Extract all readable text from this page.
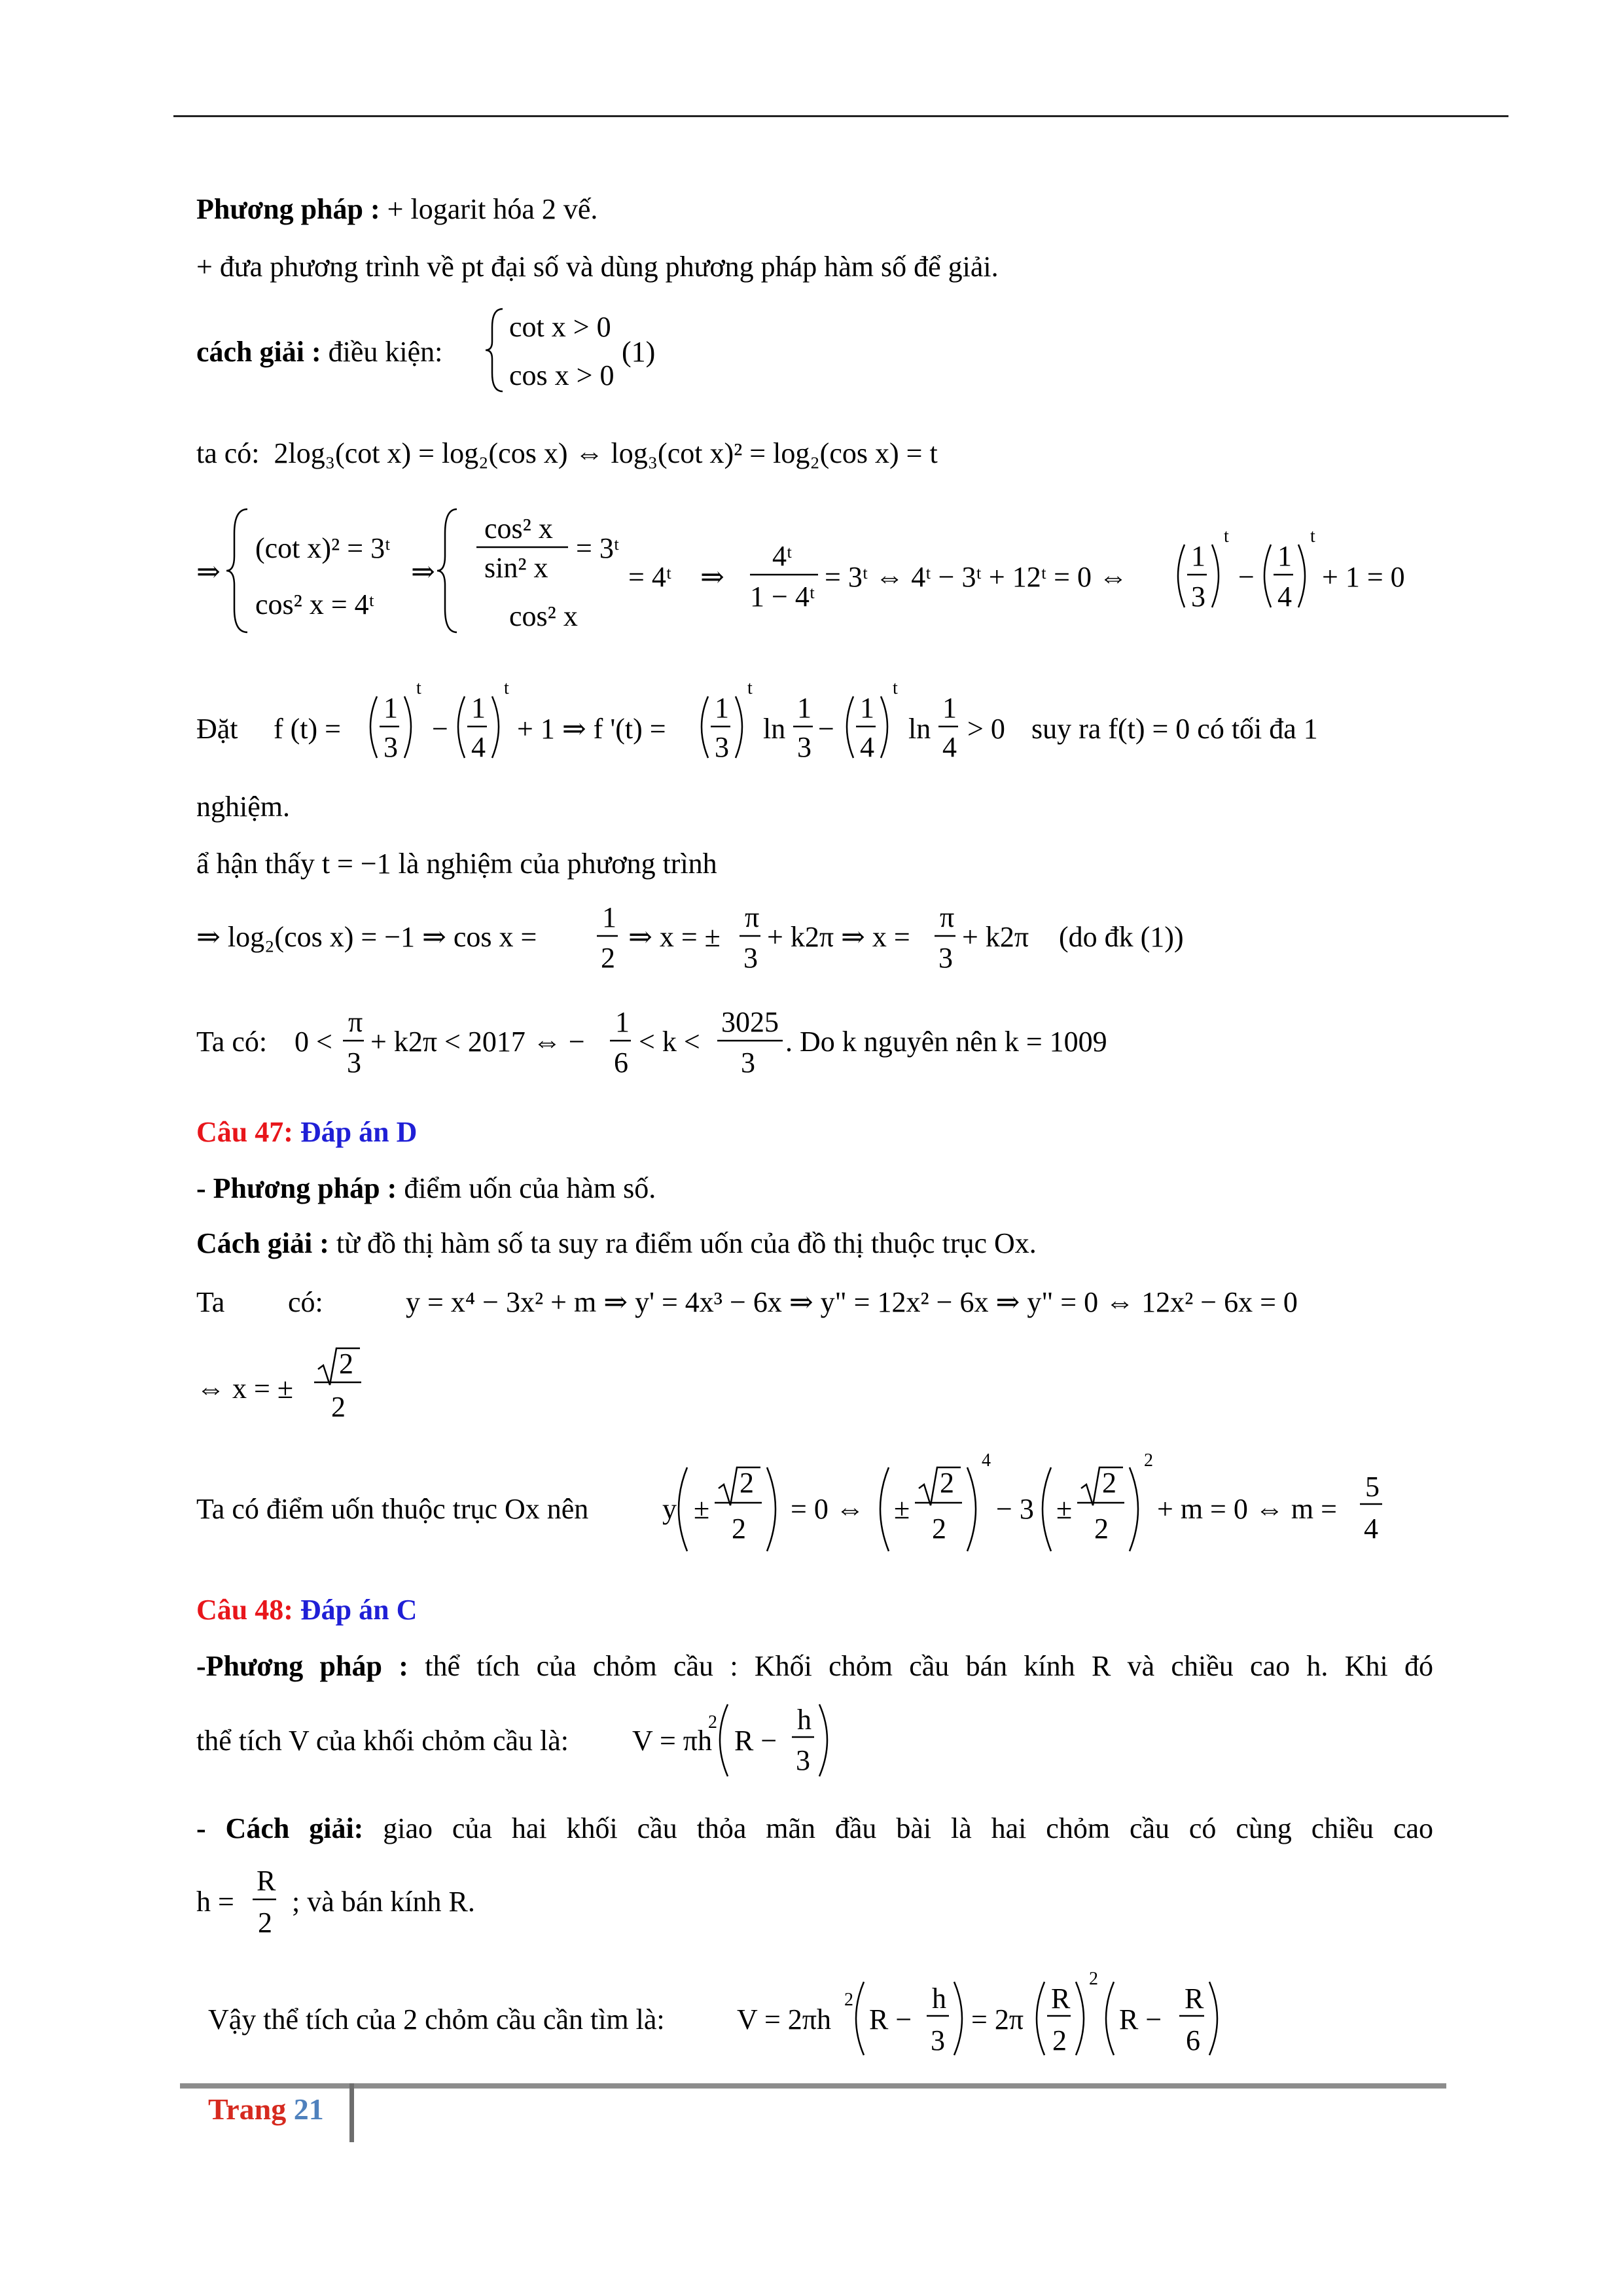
Phương pháp : + logarit hóa 2 vế.
+ đưa phương trình về pt đại số và dùng phương pháp hàm số để giải.
cách giải : điều kiện:
cot x > 0
cos x > 0
(1)
ta có: 2log₃(cot x) = log₂(cos x) ⇔ log₃(cot x)² = log₂(cos x) = t
⇒
(cot x)² = 3ᵗ
cos² x = 4ᵗ
⇒
cos² x
sin² x
= 3ᵗ
cos² x
= 4ᵗ ⇒
4ᵗ
1 − 4ᵗ
= 3ᵗ ⇔ 4ᵗ − 3ᵗ + 12ᵗ = 0 ⇔
1
3
t
−
1
4
t
+ 1 = 0
Đặt f (t) =
1
3
t
−
1
4
t
+ 1 ⇒ f '(t) =
1
3
t
ln
1
3
−
1
4
t
ln
1
4
> 0 suy ra f(t) = 0 có tối đa 1
nghiệm.
ẩ hận thấy t = −1 là nghiệm của phương trình
⇒ log₂(cos x) = −1 ⇒ cos x =
1
2
⇒ x = ±
π
3
+ k2π ⇒ x =
π
3
+ k2π (do đk (1))
Ta có: 0 <
π
3
+ k2π < 2017 ⇔ −
1
6
< k <
3025
3
. Do k nguyên nên k = 1009
Câu 47: Đáp án D
- Phương pháp : điểm uốn của hàm số.
Cách giải : từ đồ thị hàm số ta suy ra điểm uốn của đồ thị thuộc trục Ox.
Ta có:	y = x⁴ − 3x² + m ⇒ y' = 4x³ − 6x ⇒ y" = 12x² − 6x ⇒ y" = 0 ⇔ 12x² − 6x = 0
⇔ x = ±
2
2
Ta có điểm uốn thuộc trục Ox nên	y ±
2
2
= 0 ⇔ ±
2
2
4
− 3 ±
2
2
2
+ m = 0 ⇔ m =
5
4
Câu 48: Đáp án C
-Phương pháp : thể tích của chỏm cầu : Khối chỏm cầu bán kính R và chiều cao h. Khi đó
thể tích V của khối chỏm cầu là: V = πh
2
R −
h
3
- Cách giải: giao của hai khối cầu thỏa mãn đầu bài là hai chỏm cầu có cùng chiều cao
h =
R
2
; và bán kính R.
Vậy thể tích của 2 chỏm cầu cần tìm là:	V = 2πh
2
R −
h
3
= 2π
R
2
2
R −
R
6
Trang 21
